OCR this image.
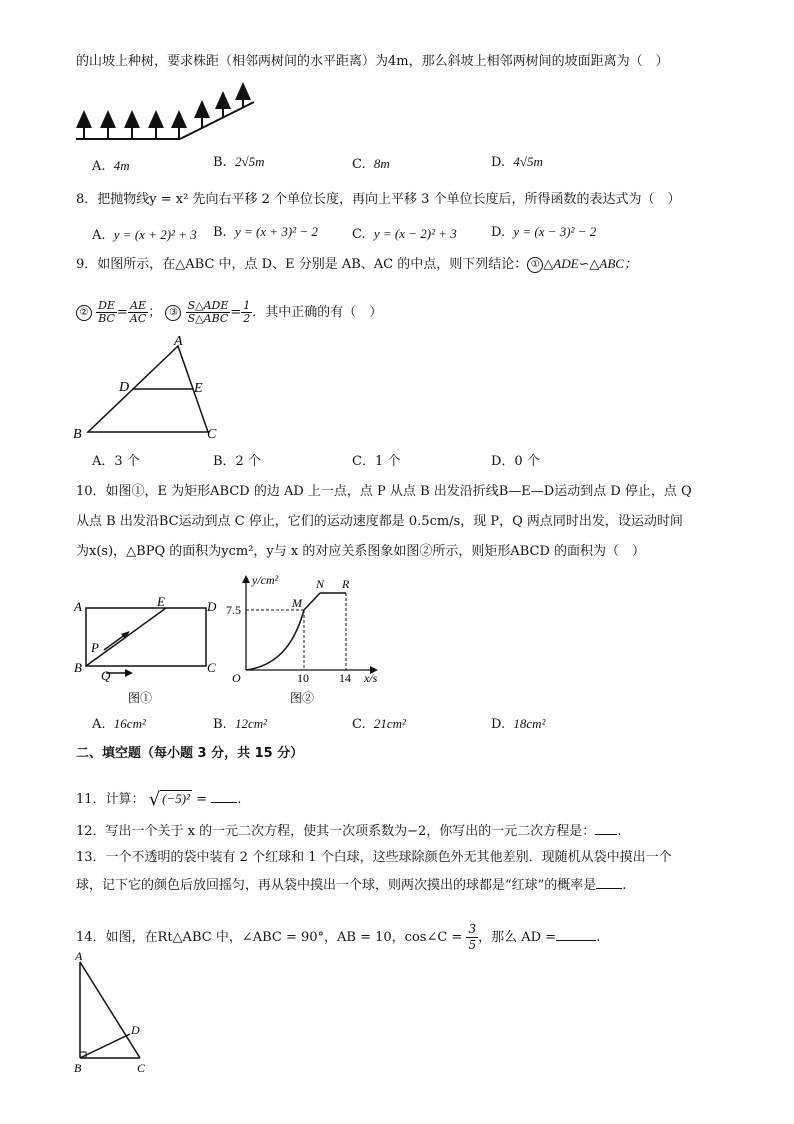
的山坡上种树，要求株距（相邻两树间的水平距离）为4m，那么斜坡上相邻两树间的坡面距离为（　）
A. 4m	B. 2√5m	C. 8m	D. 4√5m
8．把抛物线y = x² 先向右平移 2 个单位长度，再向上平移 3 个单位长度后，所得函数的表达式为（　）
A. y = (x + 2)² + 3 B. y = (x + 3)² − 2	C. y = (x − 2)² + 3	D. y = (x − 3)² − 2
9．如图所示，在△ABC 中，点 D、E 分别是 AB、AC 的中点，则下列结论： ① △ADE∽△ABC；
② $\frac{DE}{BC} = \frac{AE}{AC}$ ； ③ $\frac{\text{S△ADE}}{\text{S△ABC}} = \frac{1}{2}$ ．其中正确的有（　）
A
D	E
B	C
A．3 个	B．2 个	C．1 个	D．0 个
10．如图①，E 为矩形ABCD 的边 AD 上一点，点 P 从点 B 出发沿折线B—E—D运动到点 D 停止，点 Q
从点 B 出发沿BC运动到点 C 停止，它们的运动速度都是 0.5cm/s，现 P，Q 两点同时出发，设运动时间
为x(s)，△BPQ 的面积为ycm²，y与 x 的对应关系图象如图②所示，则矩形ABCD 的面积为（　）
A	E	D
P
B
Q
C
图①
y/cm²	N R
M
7.5
O	10	14 x/s
图②
A. 16cm²	B. 12cm²	C. 21cm²	D. 18cm²
二、填空题（每小题 3 分，共 15 分）
11．计算： √ (−5)² = .
12．写出一个关于 x 的一元二次方程，使其一次项系数为−2，你写出的一元二次方程是： .
13．一个不透明的袋中装有 2 个红球和 1 个白球，这些球除颜色外无其他差别．现随机从袋中摸出一个
球，记下它的颜色后放回摇匀，再从袋中摸出一个球，则两次摸出的球都是“红球”的概率是 .
14．如图，在Rt△ABC 中，∠ABC = 90°，AB = 10，cos∠C = $\frac{3}{5}$ ，那么 AD =	.
A
D
B	C
